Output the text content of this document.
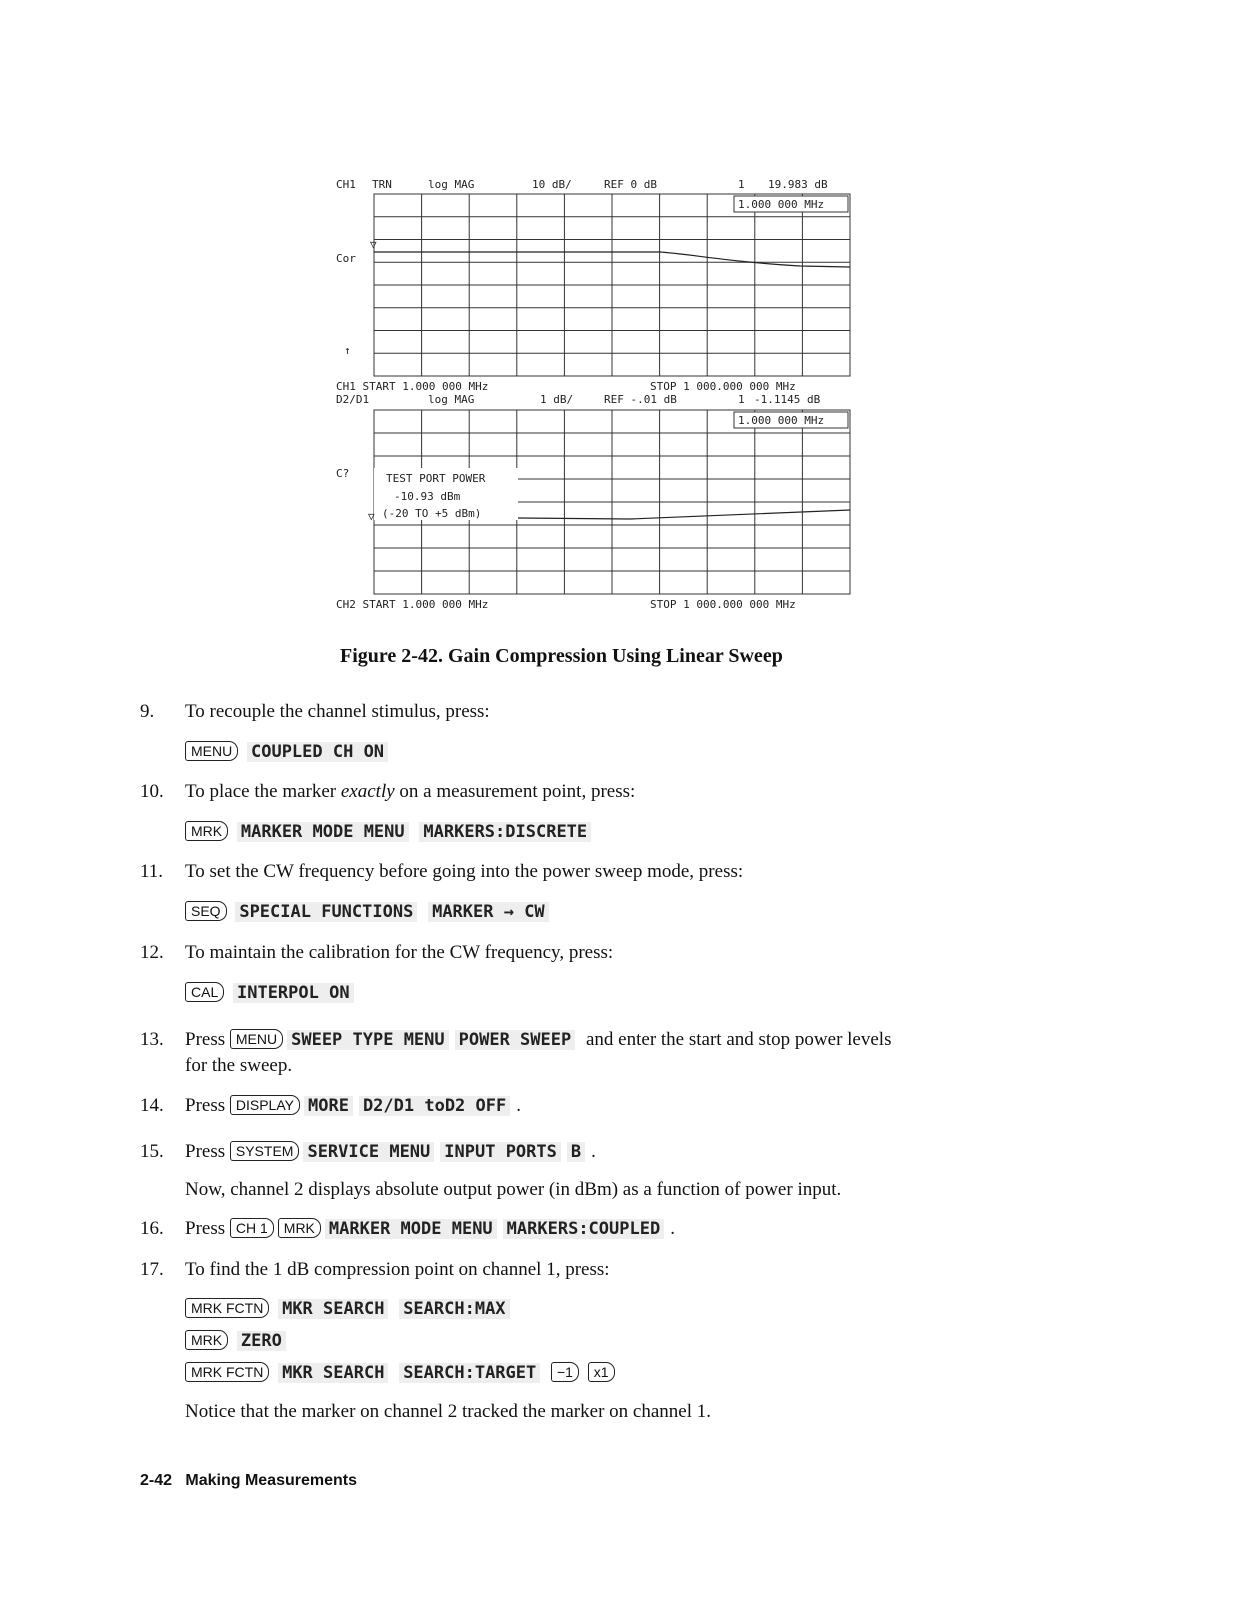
CH1 TRN	log MAG	10 dB/	REF 0 dB	1 19.983 dB
Cor
↑
1.000 000 MHz
▽
CH1 START 1.000 000 MHz	STOP 1 000.000 000 MHz
D2/D1	log MAG	1 dB/	REF -.01 dB	1 -1.1145 dB
C?
1.000 000 MHz
TEST PORT POWER
-10.93 dBm
(-20 TO +5 dBm)
▽
CH2 START 1.000 000 MHz	STOP 1 000.000 000 MHz
Figure 2-42. Gain Compression Using Linear Sweep
9. To recouple the channel stimulus, press:
MENU COUPLED CH ON
10. To place the marker exactly on a measurement point, press:
MRK MARKER MODE MENU MARKERS:DISCRETE
11. To set the CW frequency before going into the power sweep mode, press:
SEQ SPECIAL FUNCTIONS MARKER → CW
12. To maintain the calibration for the CW frequency, press:
CAL INTERPOL ON
13. Press MENU SWEEP TYPE MENU POWER SWEEP and enter the start and stop power levels
for the sweep.
14. Press DISPLAY MORE D2/D1 toD2 OFF .
15. Press SYSTEM SERVICE MENU INPUT PORTS B .
Now, channel 2 displays absolute output power (in dBm) as a function of power input.
16. Press CH 1 MRK MARKER MODE MENU MARKERS:COUPLED .
17. To find the 1 dB compression point on channel 1, press:
MRK FCTN MKR SEARCH SEARCH:MAX
MRK ZERO
MRK FCTN MKR SEARCH SEARCH:TARGET −1 x1
Notice that the marker on channel 2 tracked the marker on channel 1.
2-42 Making Measurements
